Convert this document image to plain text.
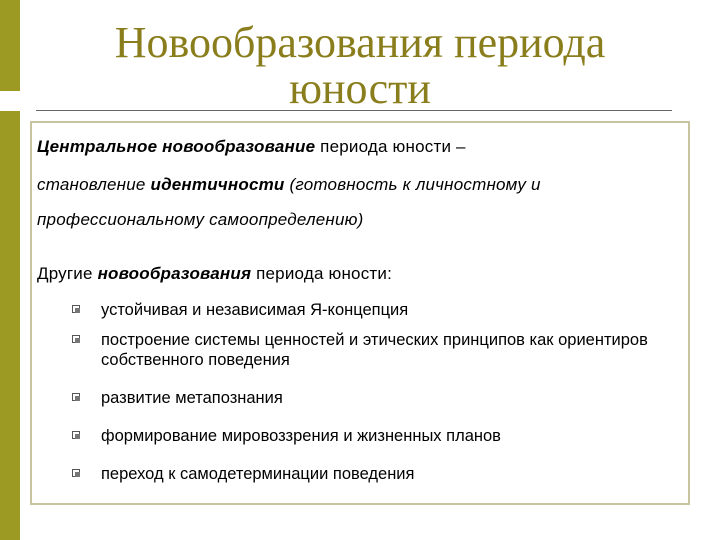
Новообразования периода юности

Центральное новообразование периода юности –

становление идентичности (готовность к личностному и

профессиональному самоопределению)

Другие новообразования периода юности:

устойчивая и независимая Я-концепция
построение системы ценностей и этических принципов как ориентиров собственного поведения
развитие метапознания
формирование мировоззрения и жизненных планов
переход к самодетерминации поведения
